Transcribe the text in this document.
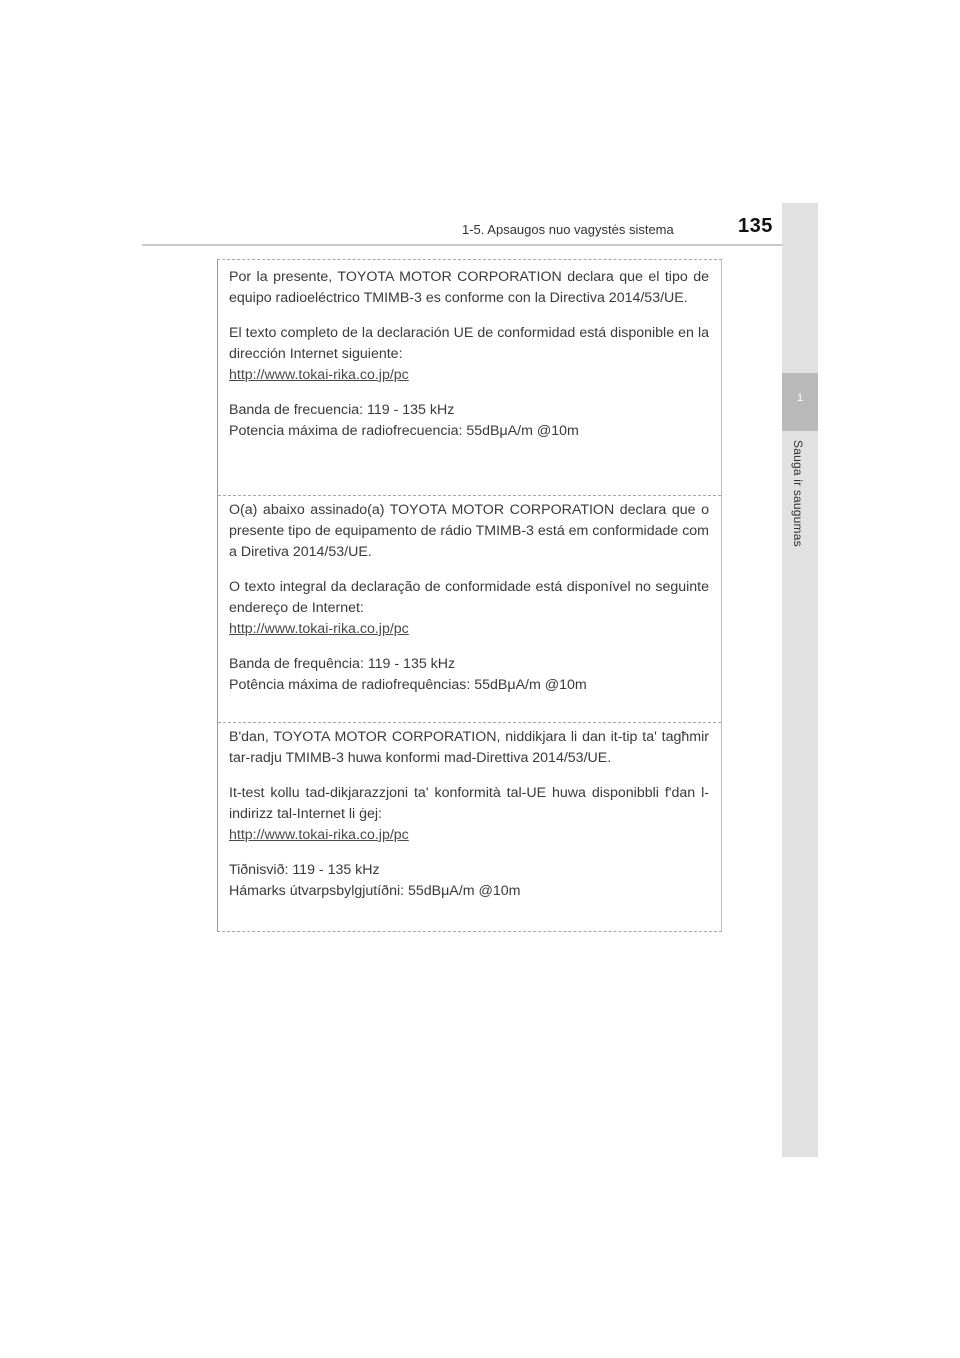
1-5. Apsaugos nuo vagystės sistema	135
1
Sauga ir saugumas

Por la presente, TOYOTA MOTOR CORPORATION declara que el tipo de equipo radioeléctrico TMIMB-3 es conforme con la Directiva 2014/53/UE.

El texto completo de la declaración UE de conformidad está disponible en la dirección Internet siguiente:

http://www.tokai-rika.co.jp/pc

Banda de frecuencia: 119 - 135 kHz

Potencia máxima de radiofrecuencia: 55dBμA/m @10m

O(a) abaixo assinado(a) TOYOTA MOTOR CORPORATION declara que o presente tipo de equipamento de rádio TMIMB-3 está em conformidade com a Diretiva 2014/53/UE.

O texto integral da declaração de conformidade está disponível no seguinte endereço de Internet:

http://www.tokai-rika.co.jp/pc

Banda de frequência: 119 - 135 kHz

Potência máxima de radiofrequências: 55dBμA/m @10m

B'dan, TOYOTA MOTOR CORPORATION, niddikjara li dan it-tip ta' tagħmir tar-radju TMIMB-3 huwa konformi mad-Direttiva 2014/53/UE.

It-test kollu tad-dikjarazzjoni ta' konformità tal-UE huwa disponibbli f'dan l-indirizz tal-Internet li ġej:

http://www.tokai-rika.co.jp/pc

Tiðnisvið: 119 - 135 kHz

Hámarks útvarpsbylgjutíðni: 55dBμA/m @10m
